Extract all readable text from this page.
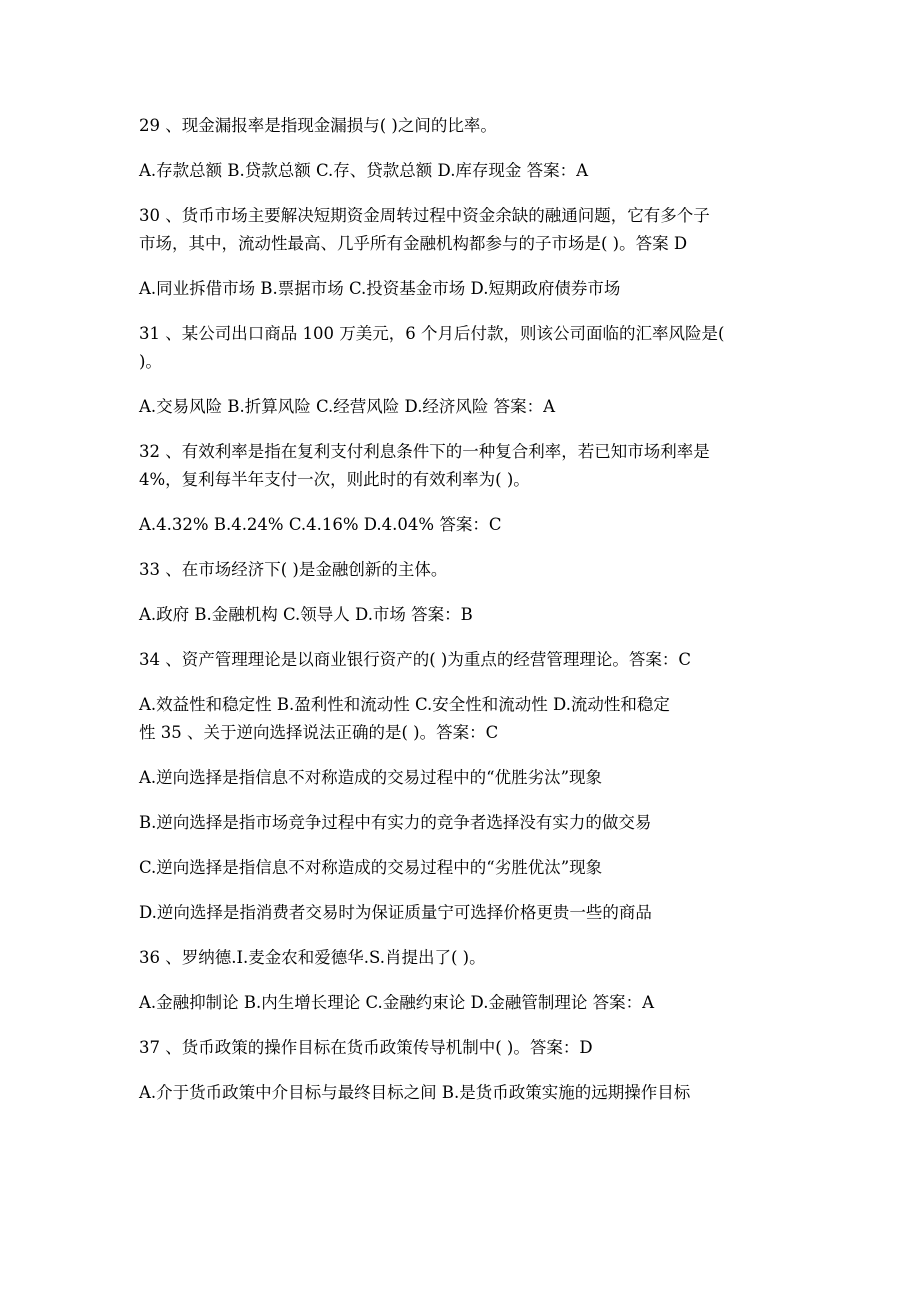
29 、现金漏报率是指现金漏损与( )之间的比率。
A.存款总额 B.贷款总额 C.存、贷款总额 D.库存现金 答案：A
30 、货币市场主要解决短期资金周转过程中资金余缺的融通问题，它有多个子
市场，其中，流动性最高、几乎所有金融机构都参与的子市场是( )。答案 D
A.同业拆借市场 B.票据市场 C.投资基金市场 D.短期政府债券市场
31 、某公司出口商品 100 万美元，6 个月后付款，则该公司面临的汇率风险是(
)。
A.交易风险 B.折算风险 C.经营风险 D.经济风险 答案：A
32 、有效利率是指在复利支付利息条件下的一种复合利率，若已知市场利率是
4%，复利每半年支付一次，则此时的有效利率为( )。
A.4.32% B.4.24% C.4.16% D.4.04% 答案：C
33 、在市场经济下( )是金融创新的主体。
A.政府 B.金融机构 C.领导人 D.市场 答案：B
34 、资产管理理论是以商业银行资产的( )为重点的经营管理理论。答案：C
A.效益性和稳定性 B.盈利性和流动性 C.安全性和流动性 D.流动性和稳定
性 35 、关于逆向选择说法正确的是( )。答案：C
A.逆向选择是指信息不对称造成的交易过程中的“优胜劣汰”现象
B.逆向选择是指市场竞争过程中有实力的竞争者选择没有实力的做交易
C.逆向选择是指信息不对称造成的交易过程中的“劣胜优汰”现象
D.逆向选择是指消费者交易时为保证质量宁可选择价格更贵一些的商品
36 、罗纳德.I.麦金农和爱德华.S.肖提出了( )。
A.金融抑制论 B.内生增长理论 C.金融约束论 D.金融管制理论 答案：A
37 、货币政策的操作目标在货币政策传导机制中( )。答案：D
A.介于货币政策中介目标与最终目标之间 B.是货币政策实施的远期操作目标
